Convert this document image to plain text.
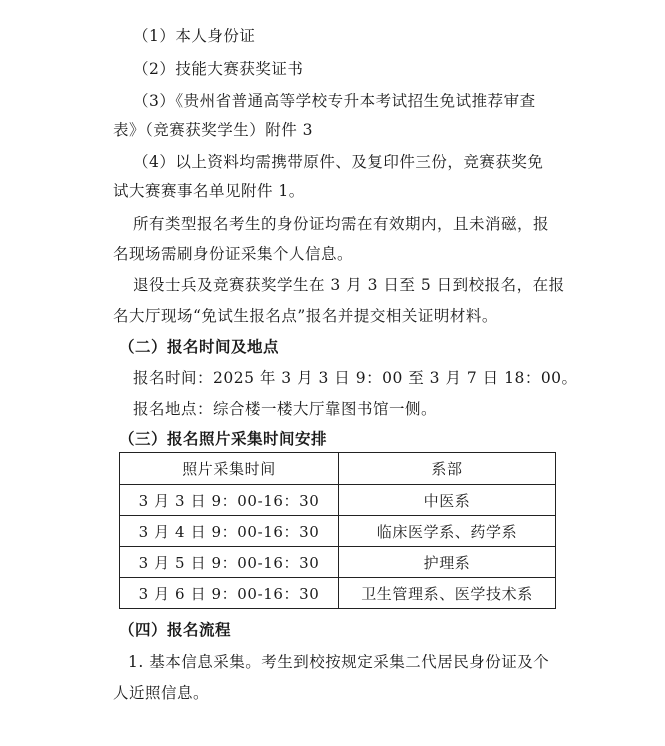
（1）本人身份证
（2）技能大赛获奖证书
（3）《贵州省普通高等学校专升本考试招生免试推荐审查
表》（竞赛获奖学生）附件 3
（4）以上资料均需携带原件、及复印件三份，竞赛获奖免
试大赛赛事名单见附件 1。
所有类型报名考生的身份证均需在有效期内，且未消磁，报
名现场需刷身份证采集个人信息。
退役士兵及竞赛获奖学生在 3 月 3 日至 5 日到校报名，在报
名大厅现场“免试生报名点”报名并提交相关证明材料。
（二）报名时间及地点
报名时间：2025 年 3 月 3 日 9：00 至 3 月 7 日 18：00。
报名地点：综合楼一楼大厅靠图书馆一侧。
（三）报名照片采集时间安排
照片采集时间	系部
3 月 3 日 9：00-16：30	中医系
3 月 4 日 9：00-16：30	临床医学系、药学系
3 月 5 日 9：00-16：30	护理系
3 月 6 日 9：00-16：30	卫生管理系、医学技术系
（四）报名流程
1. 基本信息采集。考生到校按规定采集二代居民身份证及个
人近照信息。
